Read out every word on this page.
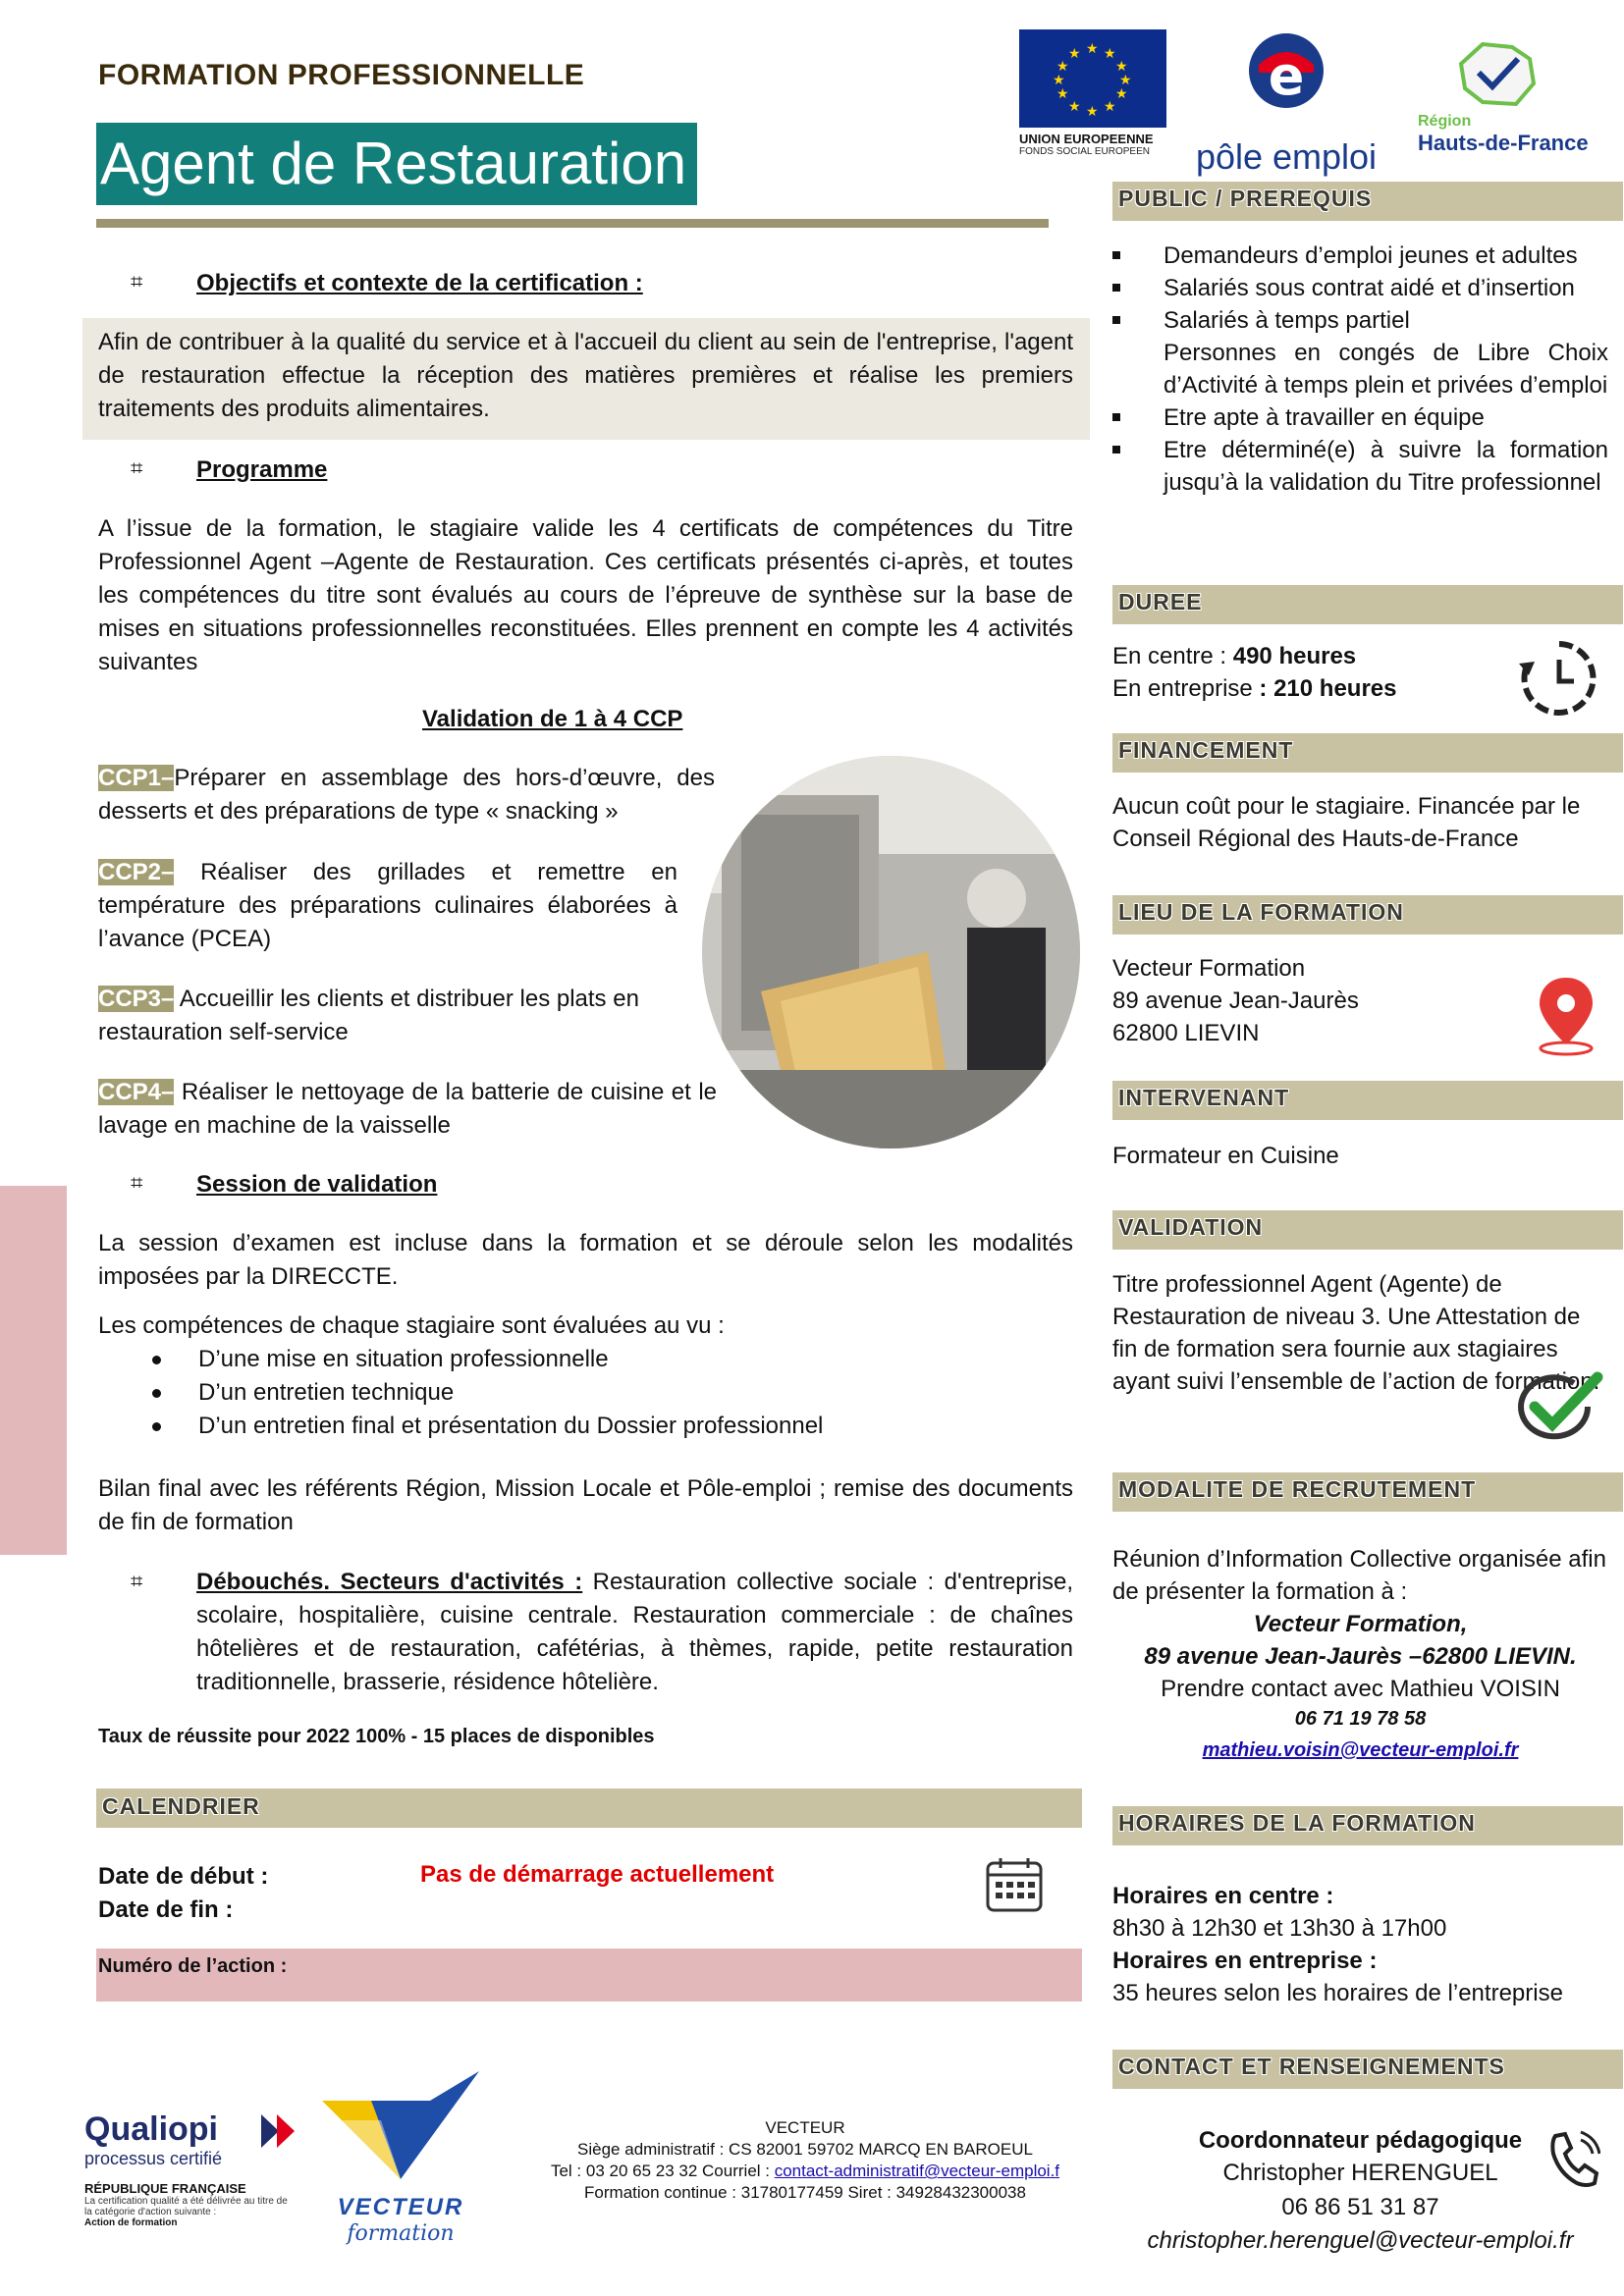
FORMATION PROFESSIONNELLE
Agent de Restauration
★ ★
★
★
★
★
★
★
★
★
★
★
UNION EUROPEENNE
FONDS SOCIAL EUROPEEN
e
pôle emploi
Région
Hauts-de-France
⌗ Objectifs et contexte de la certification :
Afin de contribuer à la qualité du service et à l'accueil du client au sein de l'entreprise, l'agent de restauration effectue la réception des matières premières et réalise les premiers traitements des produits alimentaires.
⌗ Programme
A l’issue de la formation, le stagiaire valide les 4 certificats de compétences du Titre Professionnel Agent –Agente de Restauration. Ces certificats présentés ci-après, et toutes les compétences du titre sont évalués au cours de l’épreuve de synthèse sur la base de mises en situations professionnelles reconstituées. Elles prennent en compte les 4 activités suivantes
Validation de 1 à 4 CCP
CCP1–Préparer en assemblage des hors-d’œuvre, des desserts et des préparations de type « snacking »
CCP2– Réaliser des grillades et remettre en température des préparations culinaires élaborées à l’avance (PCEA)
CCP3– Accueillir les clients et distribuer les plats en restauration self-service
CCP4– Réaliser le nettoyage de la batterie de cuisine et le lavage en machine de la vaisselle
⌗ Session de validation
La session d’examen est incluse dans la formation et se déroule selon les modalités imposées par la DIRECCTE.
Les compétences de chaque stagiaire sont évaluées au vu :
D’une mise en situation professionnelle
D’un entretien technique
D’un entretien final et présentation du Dossier professionnel
Bilan final avec les référents Région, Mission Locale et Pôle-emploi ; remise des documents de fin de formation
⌗ Débouchés. Secteurs d'activités : Restauration collective sociale : d'entreprise, scolaire, hospitalière, cuisine centrale. Restauration commerciale : de chaînes hôtelières et de restauration, cafétérias, à thèmes, rapide, petite restauration traditionnelle, brasserie, résidence hôtelière.
Taux de réussite pour 2022 100% - 15 places de disponibles
CALENDRIER
Date de début :	Pas de démarrage actuellement
Date de fin :
Numéro de l’action :
PUBLIC / PREREQUIS
Demandeurs d’emploi jeunes et adultes
Salariés sous contrat aidé et d’insertion
Salariés à temps partiel
Personnes en congés de Libre Choix d’Activité à temps plein et privées d’emploi
Etre apte à travailler en équipe
Etre déterminé(e) à suivre la formation jusqu’à la validation du Titre professionnel
DUREE
En centre : 490 heures
En entreprise : 210 heures
FINANCEMENT
Aucun coût pour le stagiaire. Financée par le Conseil Régional des Hauts-de-France
LIEU DE LA FORMATION
Vecteur Formation
89 avenue Jean-Jaurès
62800 LIEVIN
INTERVENANT
Formateur en Cuisine
VALIDATION
Titre professionnel Agent (Agente) de Restauration de niveau 3. Une Attestation de fin de formation sera fournie aux stagiaires ayant suivi l’ensemble de l’action de formation.
MODALITE DE RECRUTEMENT
Réunion d’Information Collective organisée afin de présenter la formation à :
Vecteur Formation,
89 avenue Jean-Jaurès –62800 LIEVIN.
Prendre contact avec Mathieu VOISIN
06 71 19 78 58
mathieu.voisin@vecteur-emploi.fr
HORAIRES DE LA FORMATION
Horaires en centre :
8h30 à 12h30 et 13h30 à 17h00
Horaires en entreprise :
35 heures selon les horaires de l’entreprise
CONTACT ET RENSEIGNEMENTS
Coordonnateur pédagogique
Christopher HERENGUEL
06 86 51 31 87
christopher.herenguel@vecteur-emploi.fr
Qualiopi
processus certifié
RÉPUBLIQUE FRANÇAISE
La certification qualité a été délivrée au titre de la catégorie d'action suivante :
Action de formation
VECTEUR
formation
VECTEUR
Siège administratif : CS 82001 59702 MARCQ EN BAROEUL
Tel : 03 20 65 23 32 Courriel : contact-administratif@vecteur-emploi.f
Formation continue : 31780177459 Siret : 34928432300038
